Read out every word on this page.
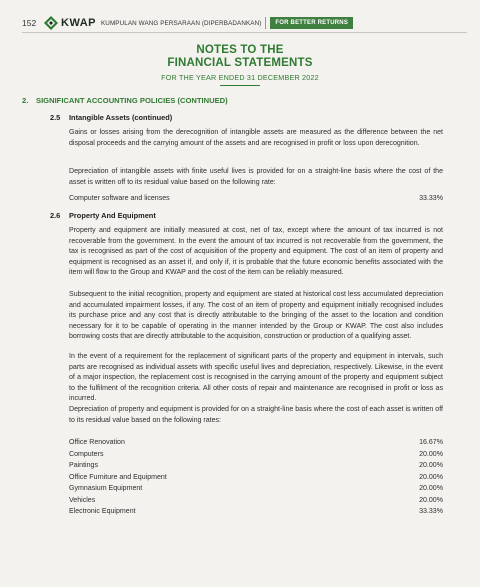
152	KWAP KUMPULAN WANG PERSARAAN (DIPERBADANKAN)	FOR BETTER RETURNS
NOTES TO THE
FINANCIAL STATEMENTS
FOR THE YEAR ENDED 31 DECEMBER 2022
2. SIGNIFICANT ACCOUNTING POLICIES (CONTINUED)
2.5 Intangible Assets (continued)

Gains or losses arising from the derecognition of intangible assets are measured as the difference between the net disposal proceeds and the carrying amount of the assets and are recognised in profit or loss upon derecognition.

Depreciation of intangible assets with finite useful lives is provided for on a straight-line basis where the cost of the asset is written off to its residual value based on the following rate:

Computer software and licenses	33.33%
2.6 Property And Equipment

Property and equipment are initially measured at cost, net of tax, except where the amount of tax incurred is not recoverable from the government. In the event the amount of tax incurred is not recoverable from the government, the tax is recognised as part of the cost of acquisition of the property and equipment. The cost of an item of property and equipment is recognised as an asset if, and only if, it is probable that the future economic benefits associated with the item will flow to the Group and KWAP and the cost of the item can be reliably measured.

Subsequent to the initial recognition, property and equipment are stated at historical cost less accumulated depreciation and accumulated impairment losses, if any. The cost of an item of property and equipment initially recognised includes its purchase price and any cost that is directly attributable to the bringing of the asset to the location and condition necessary for it to be capable of operating in the manner intended by the Group or KWAP. The cost also includes borrowing costs that are directly attributable to the acquisition, construction or production of a qualifying asset.

In the event of a requirement for the replacement of significant parts of the property and equipment in intervals, such parts are recognised as individual assets with specific useful lives and depreciation, respectively. Likewise, in the event of a major inspection, the replacement cost is recognised in the carrying amount of the property and equipment subject to the fulfilment of the recognition criteria. All other costs of repair and maintenance are recognised in profit or loss as incurred.

Depreciation of property and equipment is provided for on a straight-line basis where the cost of each asset is written off to its residual value based on the following rates:

Office Renovation	16.67%
Computers	20.00%
Paintings	20.00%
Office Furniture and Equipment	20.00%
Gymnasium Equipment	20.00%
Vehicles	20.00%
Electronic Equipment	33.33%
